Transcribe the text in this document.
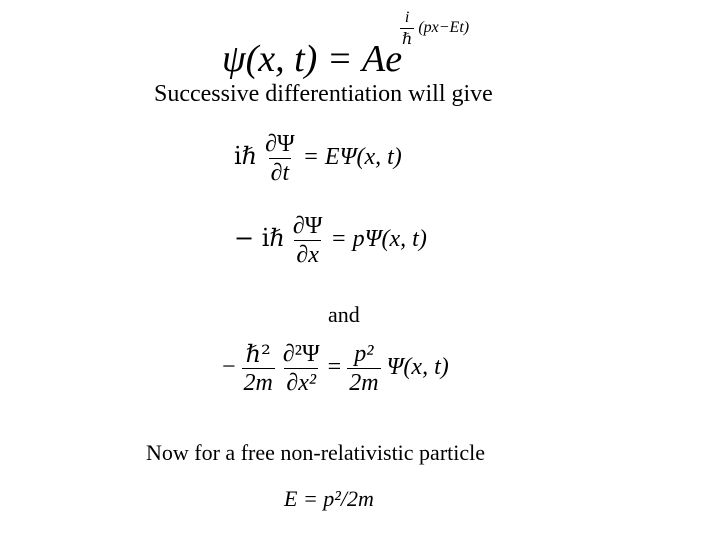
ψ(x, t) = Ae
$\frac{i}{\text{ℏ}} (px-Et)$
Successive differentiation will give
iℏ $\frac{\partial\Psi}{\partial t} = E\Psi(x$, t)
− iℏ $\frac{\partial\Psi}{\partial x} = p\Psi(x$, t)
and
− $\frac{\text{ℏ²}}{2m}$
$\frac{\text{∂²Ψ}}{\text{∂x²}} = \frac{\text{p²}}{2m} \Psi(x$, t)
Now for a free non-relativistic particle
E = p²/2m
